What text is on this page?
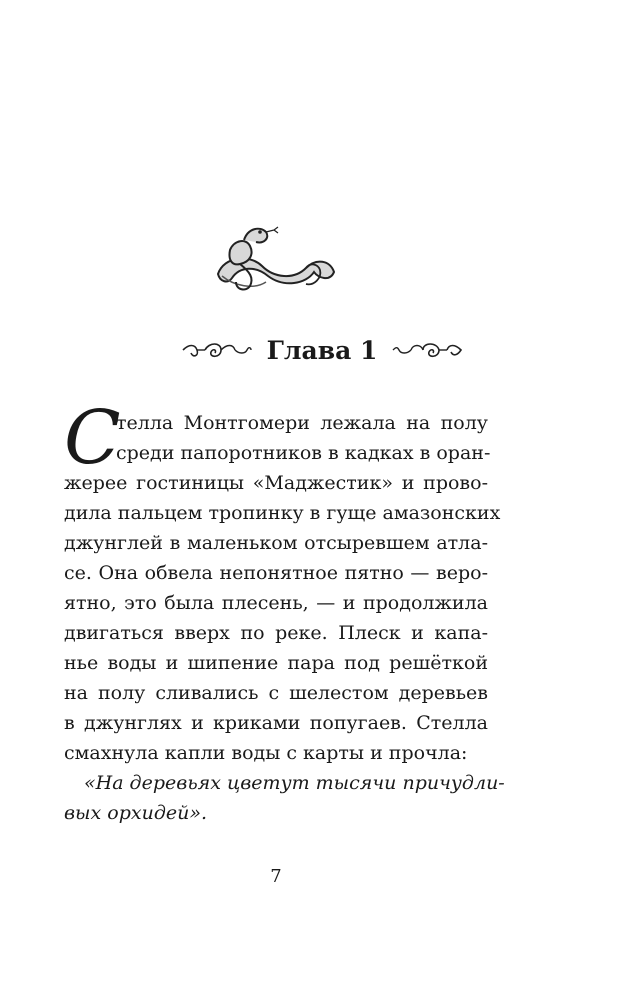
Глава 1
С
телла Монтгомери лежала на полу
среди папоротников в кадках в оран-
жерее гостиницы «Маджестик» и прово-
дила пальцем тропинку в гуще амазонских
джунглей в маленьком отсыревшем атла-
се. Она обвела непонятное пятно — веро-
ятно, это была плесень, — и продолжила
двигаться вверх по реке. Плеск и капа-
нье воды и шипение пара под решёткой
на полу сливались с шелестом деревьев
в джунглях и криками попугаев. Стелла
смахнула капли воды с карты и прочла:
«На деревьях цветут тысячи причудли-
вых орхидей».
7
